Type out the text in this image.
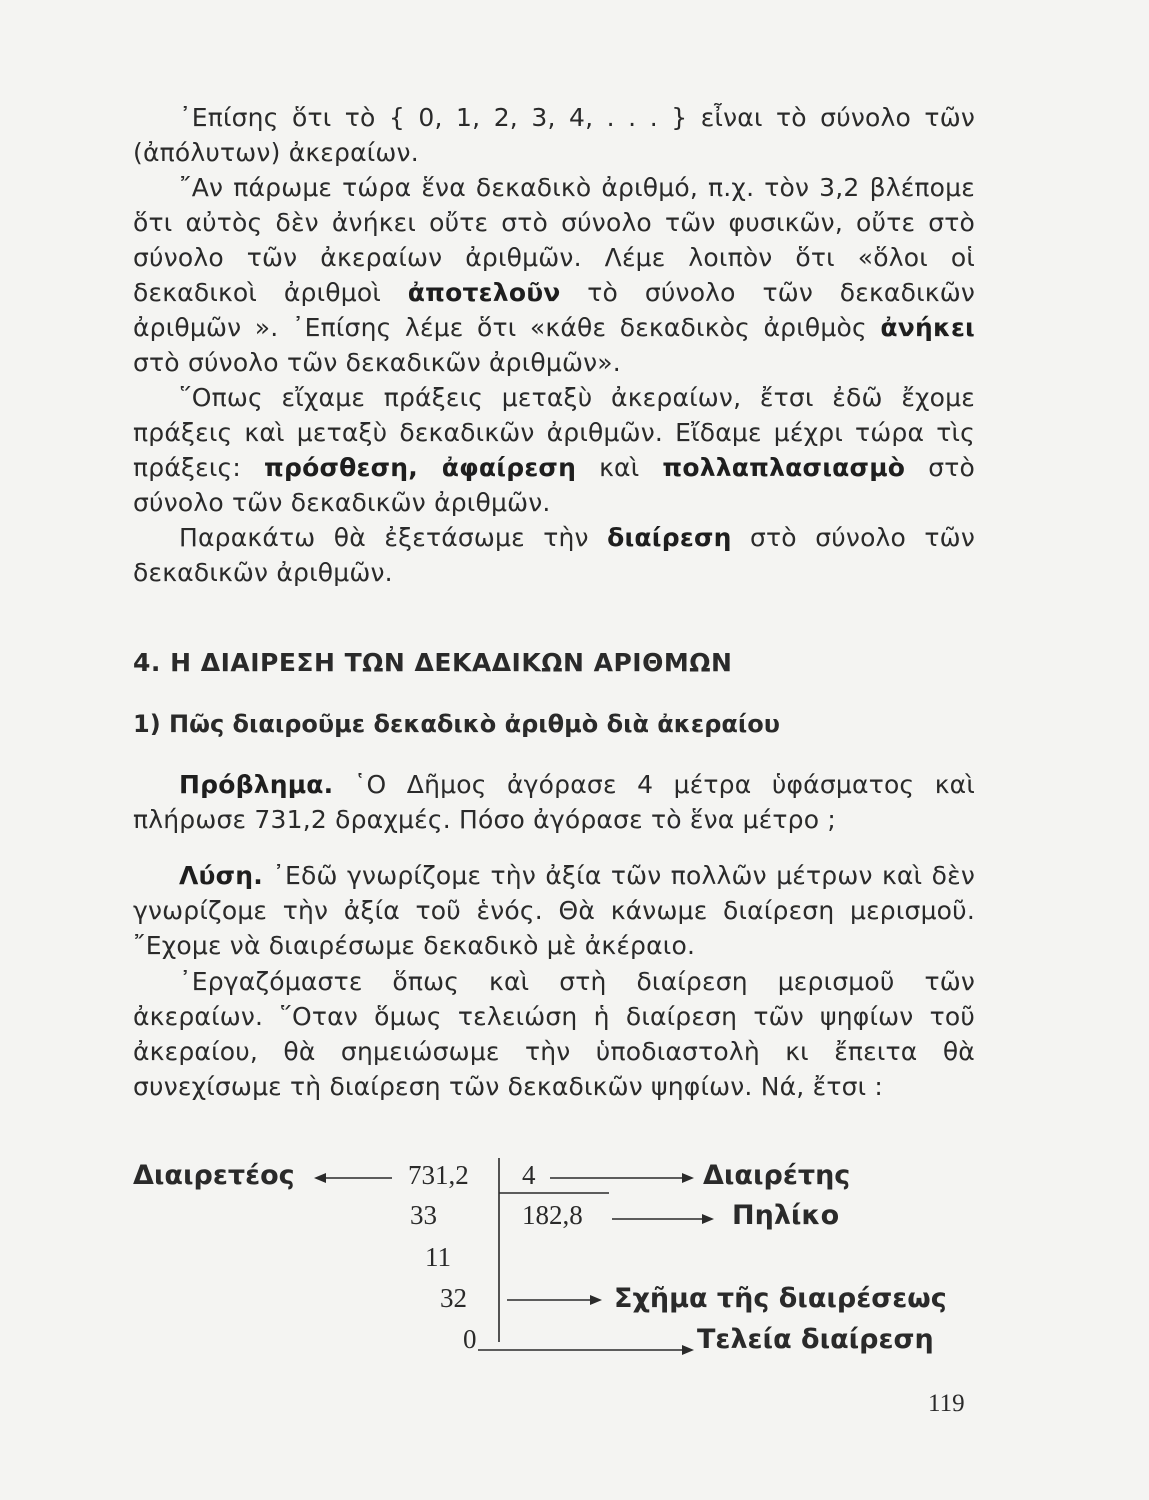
᾿Επίσης ὅτι τὸ { 0, 1, 2, 3, 4, . . . } εἶναι τὸ σύνολο τῶν (ἀπόλυτων) ἀκεραίων.

῎Αν πάρωμε τώρα ἕνα δεκαδικὸ ἀριθμό, π.χ. τὸν 3,2 βλέπομε ὅτι αὐτὸς δὲν ἀνήκει οὔτε στὸ σύνολο τῶν φυσικῶν, οὔτε στὸ σύνολο τῶν ἀκεραίων ἀριθμῶν. Λέμε λοιπὸν ὅτι «ὅλοι οἱ δεκαδικοὶ ἀριθμοὶ ἀποτελοῦν τὸ σύνολο τῶν δεκαδικῶν ἀριθμῶν ». ᾿Επίσης λέμε ὅτι «κάθε δεκαδικὸς ἀριθμὸς ἀνήκει στὸ σύνολο τῶν δεκαδικῶν ἀριθμῶν».

῞Οπως εἴχαμε πράξεις μεταξὺ ἀκεραίων, ἔτσι ἐδῶ ἔχομε πράξεις καὶ μεταξὺ δεκαδικῶν ἀριθμῶν. Εἴδαμε μέχρι τώρα τὶς πράξεις: πρόσθεση, ἀφαίρεση καὶ πολλαπλασιασμὸ στὸ σύνολο τῶν δεκαδικῶν ἀριθμῶν.

Παρακάτω θὰ ἐξετάσωμε τὴν διαίρεση στὸ σύνολο τῶν δεκαδικῶν ἀριθμῶν.

4. Η ΔΙΑΙΡΕΣΗ ΤΩΝ ΔΕΚΑΔΙΚΩΝ ΑΡΙΘΜΩΝ
1) Πῶς διαιροῦμε δεκαδικὸ ἀριθμὸ διὰ ἀκεραίου

Πρόβλημα. ῾Ο Δῆμος ἀγόρασε 4 μέτρα ὑφάσματος καὶ πλήρωσε 731,2 δραχμές. Πόσο ἀγόρασε τὸ ἕνα μέτρο ;

Λύση. ᾿Εδῶ γνωρίζομε τὴν ἀξία τῶν πολλῶν μέτρων καὶ δὲν γνωρίζομε τὴν ἀξία τοῦ ἑνός. Θὰ κάνωμε διαίρεση μερισμοῦ. ῎Εχομε νὰ διαιρέσωμε δεκαδικὸ μὲ ἀκέραιο.

᾿Εργαζόμαστε ὅπως καὶ στὴ διαίρεση μερισμοῦ τῶν ἀκεραίων. ῞Οταν ὅμως τελειώση ἡ διαίρεση τῶν ψηφίων τοῦ ἀκεραίου, θὰ σημειώσωμε τὴν ὑποδιαστολὴ κι ἔπειτα θὰ συνεχίσωμε τὴ διαίρεση τῶν δεκαδικῶν ψηφίων. Νά, ἔτσι :

Διαιρετέος	731,2 4	Διαιρέτης
33	182,8	Πηλίκο
11
32	Σχῆμα τῆς διαιρέσεως
0	Τελεία διαίρεση
119
